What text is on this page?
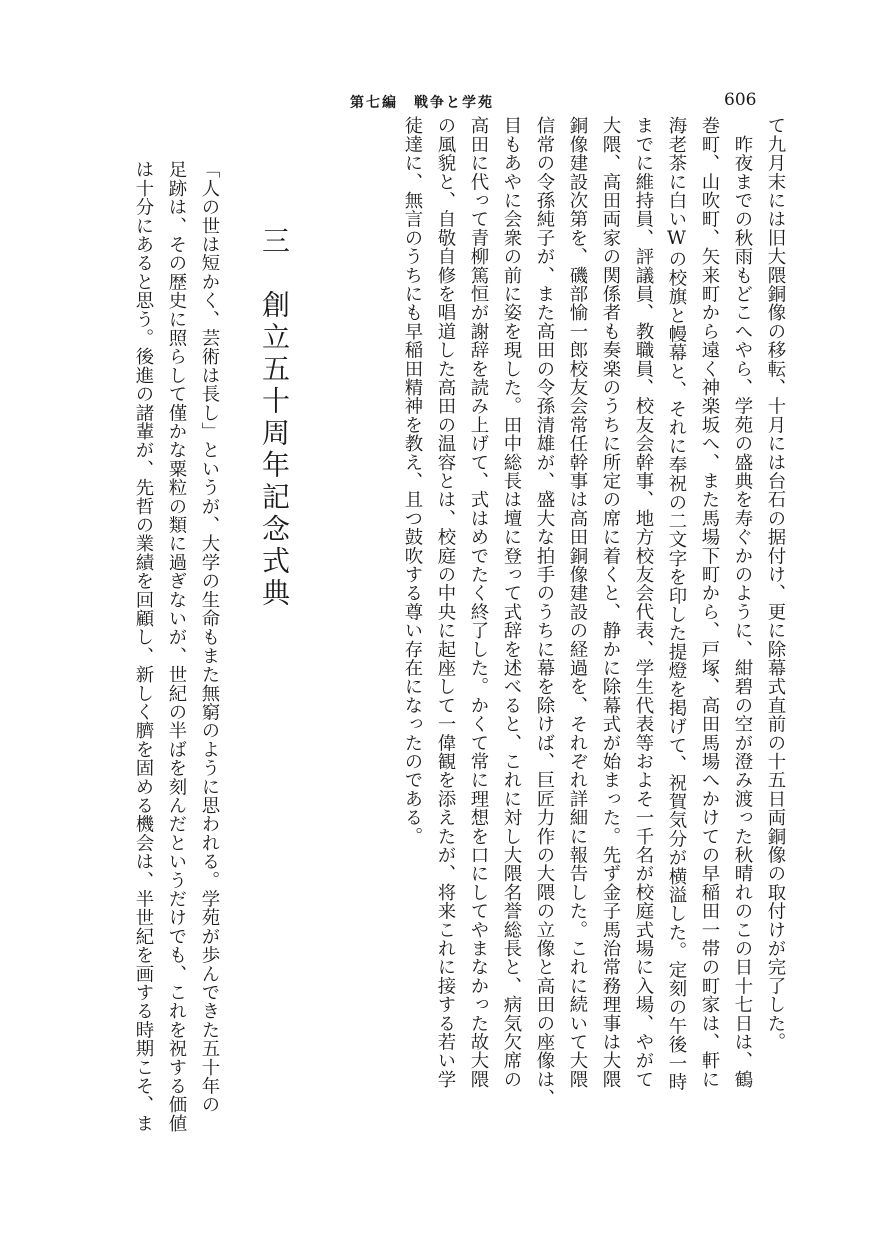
第七編　戦争と学苑	606
て九月末には旧大隈銅像の移転、十月には台石の据付け、更に除幕式直前の十五日両銅像の取付けが完了した。
　昨夜までの秋雨もどこへやら、学苑の盛典を寿ぐかのように、紺碧の空が澄み渡った秋晴れのこの日十七日は、鶴
巻町、山吹町、矢来町から遠く神楽坂へ、また馬場下町から、戸塚、高田馬場へかけての早稲田一帯の町家は、軒に
海老茶に白いWの校旗と幔幕と、それに奉祝の二文字を印した提燈を掲げて、祝賀気分が横溢した。定刻の午後一時
までに維持員、評議員、教職員、校友会幹事、地方校友会代表、学生代表等およそ一千名が校庭式場に入場、やがて
大隈、高田両家の関係者も奏楽のうちに所定の席に着くと、静かに除幕式が始まった。先ず金子馬治常務理事は大隈
銅像建設次第を、磯部愉一郎校友会常任幹事は高田銅像建設の経過を、それぞれ詳細に報告した。これに続いて大隈
信常の令孫純子が、また高田の令孫清雄が、盛大な拍手のうちに幕を除けば、巨匠力作の大隈の立像と高田の座像は、
目もあやに会衆の前に姿を現した。田中総長は壇に登って式辞を述べると、これに対し大隈名誉総長と、病気欠席の
高田に代って青柳篤恒が謝辞を読み上げて、式はめでたく終了した。かくて常に理想を口にしてやまなかった故大隈
の風貌と、自敬自修を唱道した高田の温容とは、校庭の中央に起座して一偉観を添えたが、将来これに接する若い学
徒達に、無言のうちにも早稲田精神を教え、且つ鼓吹する尊い存在になったのである。
三　創立五十周年記念式典
「人の世は短かく、芸術は長し」というが、大学の生命もまた無窮のように思われる。学苑が歩んできた五十年の
足跡は、その歴史に照らして僅かな粟粒の類に過ぎないが、世紀の半ばを刻んだというだけでも、これを祝する価値
は十分にあると思う。後進の諸輩が、先哲の業績を回顧し、新しく臍を固める機会は、半世紀を画する時期こそ、ま
